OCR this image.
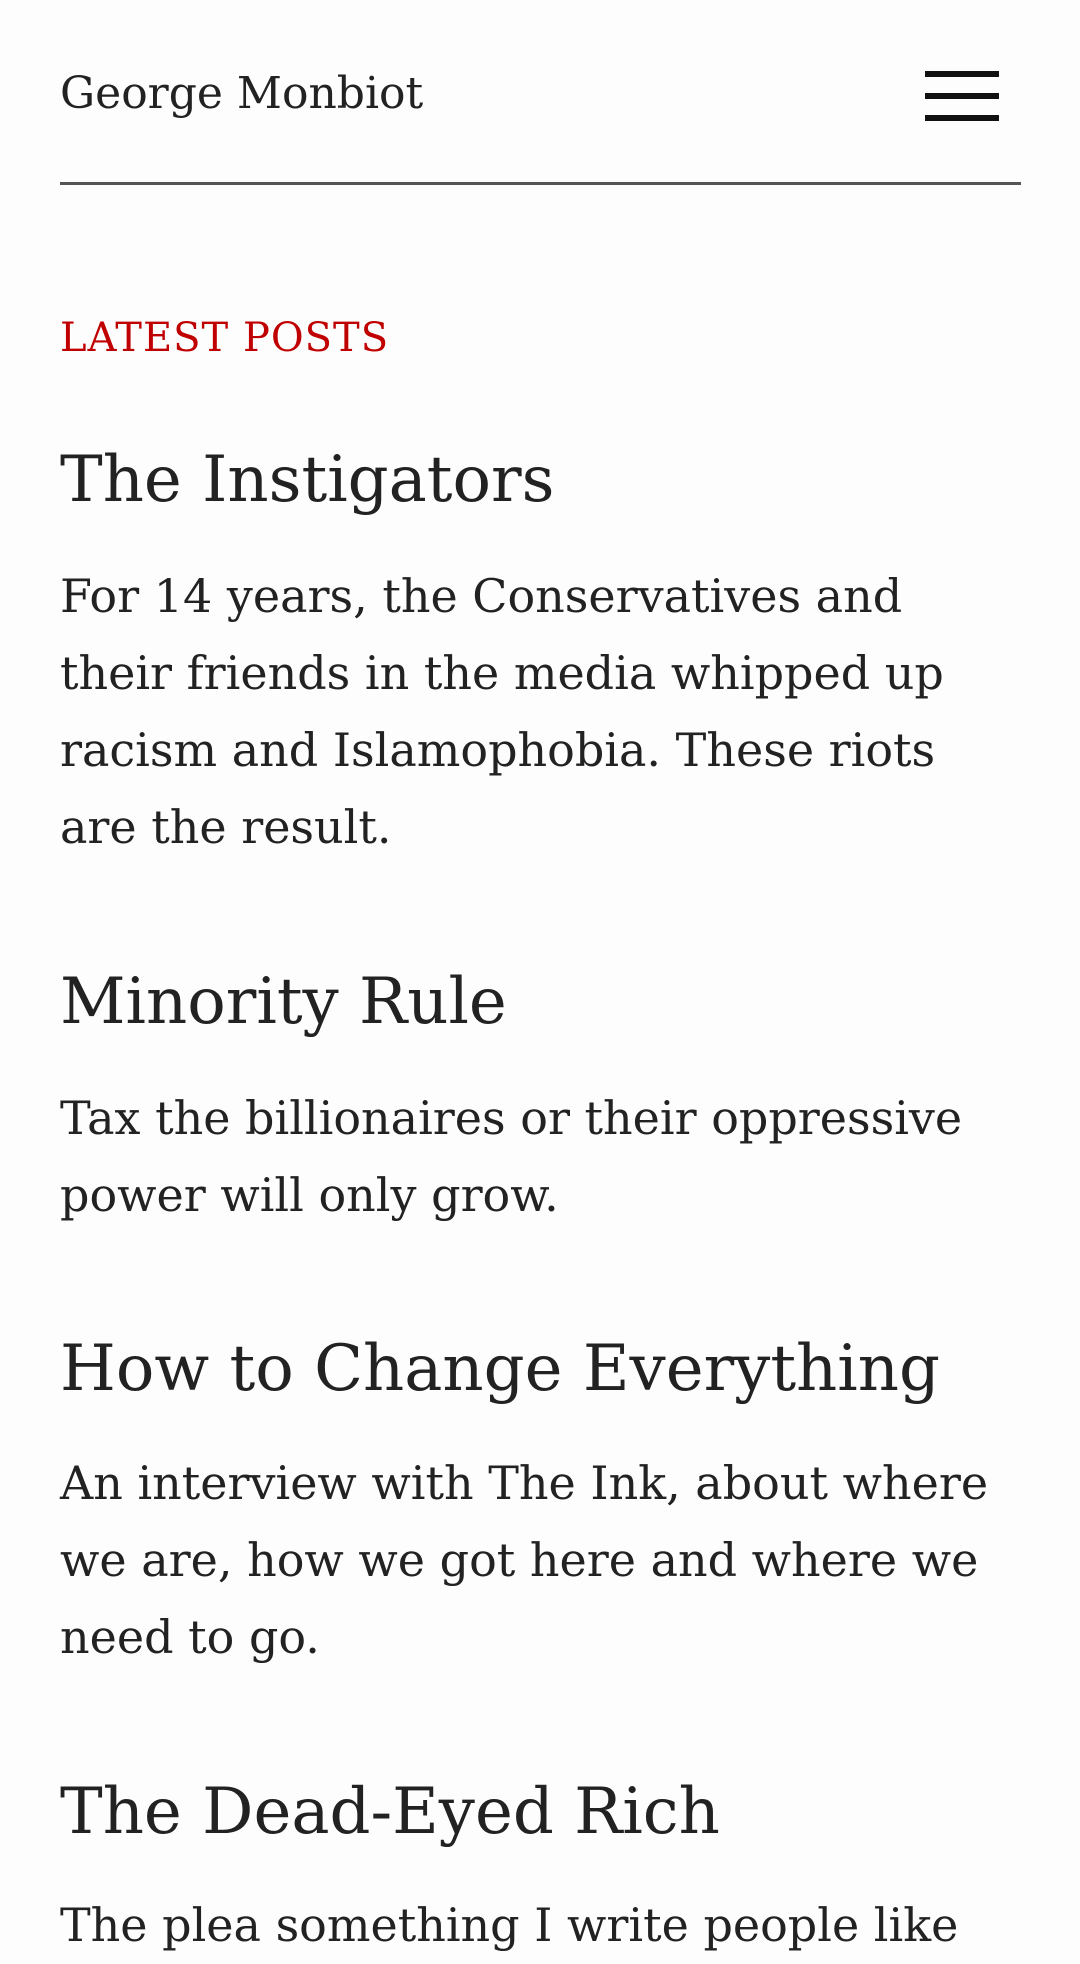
George Monbiot
LATEST POSTS
The Instigators

For 14 years, the Conservatives and their friends in the media whipped up racism and Islamophobia. These riots are the result.

Minority Rule

Tax the billionaires or their oppressive power will only grow.

How to Change Everything

An interview with The Ink, about where we are, how we got here and where we need to go.

The Dead-Eyed Rich

The plea something I write people like
